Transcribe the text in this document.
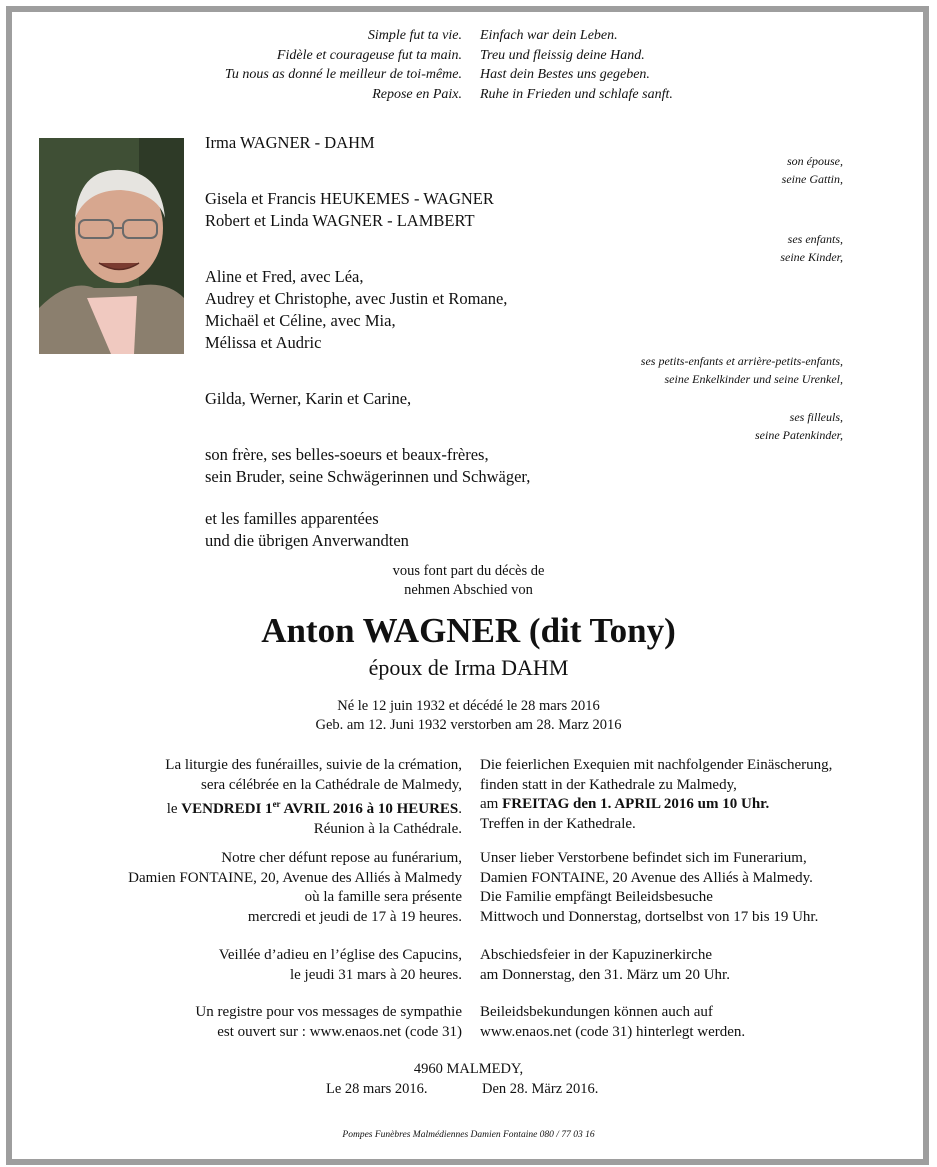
Simple fut ta vie.
Fidèle et courageuse fut ta main.
Tu nous as donné le meilleur de toi-même.
Repose en Paix.
Einfach war dein Leben.
Treu und fleissig deine Hand.
Hast dein Bestes uns gegeben.
Ruhe in Frieden und schlafe sanft.
Irma WAGNER - DAHM
son épouse,
seine Gattin,
Gisela et Francis HEUKEMES - WAGNER
Robert et Linda WAGNER - LAMBERT
ses enfants,
seine Kinder,
Aline et Fred, avec Léa,
Audrey et Christophe, avec Justin et Romane,
Michaël et Céline, avec Mia,
Mélissa et Audric
ses petits-enfants et arrière-petits-enfants,
seine Enkelkinder und seine Urenkel,
Gilda, Werner, Karin et Carine,
ses filleuls,
seine Patenkinder,
son frère, ses belles-soeurs et beaux-frères,
sein Bruder, seine Schwägerinnen und Schwäger,
et les familles apparentées
und die übrigen Anverwandten
vous font part du décès de
nehmen Abschied von
Anton WAGNER (dit Tony)
époux de Irma DAHM
Né le 12 juin 1932 et décédé le 28 mars 2016
Geb. am 12. Juni 1932 verstorben am 28. Marz 2016
La liturgie des funérailles, suivie de la crémation,
sera célébrée en la Cathédrale de Malmedy,
le VENDREDI 1er AVRIL 2016 à 10 HEURES.
Réunion à la Cathédrale.
Die feierlichen Exequien mit nachfolgender Einäscherung,
finden statt in der Kathedrale zu Malmedy,
am FREITAG den 1. APRIL 2016 um 10 Uhr.
Treffen in der Kathedrale.
Notre cher défunt repose au funérarium,
Damien FONTAINE, 20, Avenue des Alliés à Malmedy
où la famille sera présente
mercredi et jeudi de 17 à 19 heures.
Unser lieber Verstorbene befindet sich im Funerarium,
Damien FONTAINE, 20 Avenue des Alliés à Malmedy.
Die Familie empfängt Beileidsbesuche
Mittwoch und Donnerstag, dortselbst von 17 bis 19 Uhr.
Veillée d’adieu en l’église des Capucins,
le jeudi 31 mars à 20 heures.
Abschiedsfeier in der Kapuzinerkirche
am Donnerstag, den 31. März um 20 Uhr.
Un registre pour vos messages de sympathie
est ouvert sur : www.enaos.net (code 31)
Beileidsbekundungen können auch auf
www.enaos.net (code 31) hinterlegt werden.
4960 MALMEDY,
Le 28 mars 2016.	Den 28. März 2016.
Pompes Funèbres Malmédiennes Damien Fontaine 080 / 77 03 16
